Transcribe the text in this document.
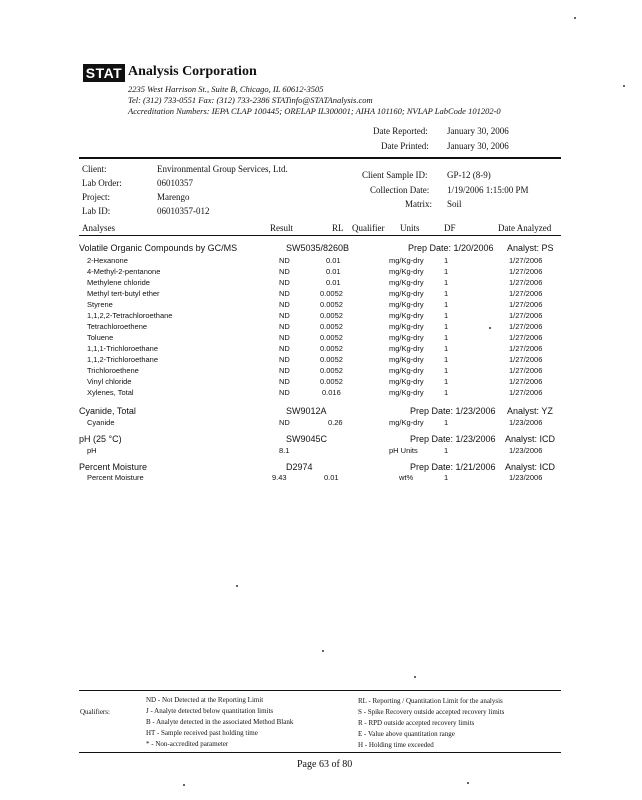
STAT Analysis Corporation
2235 West Harrison St., Suite B, Chicago, IL 60612-3505
Tel: (312) 733-0551 Fax: (312) 733-2386 STATinfo@STATAnalysis.com
Accreditation Numbers: IEPA CLAP 100445; ORELAP IL300001; AIHA 101160; NVLAP LabCode 101202-0
Date Reported: January 30, 2006
Date Printed: January 30, 2006
Client:	Environmental Group Services, Ltd.
Lab Order:	06010357
Project:	Marengo
Lab ID:	06010357-012
Client Sample ID: GP-12 (8-9)
Collection Date: 1/19/2006 1:15:00 PM
Matrix: Soil
Analyses	Result	RL Qualifier Units	DF	Date Analyzed
Volatile Organic Compounds by GC/MS	SW5035/8260B	Prep Date: 1/20/2006 Analyst: PS
2-Hexanone	ND	0.01	mg/Kg-dry	1	1/27/2006
4-Methyl-2-pentanone	ND	0.01	mg/Kg-dry	1	1/27/2006
Methylene chloride	ND	0.01	mg/Kg-dry	1	1/27/2006
Methyl tert-butyl ether	ND	0.0052	mg/Kg-dry	1	1/27/2006
Styrene	ND	0.0052	mg/Kg-dry	1	1/27/2006
1,1,2,2-Tetrachloroethane	ND	0.0052	mg/Kg-dry	1	1/27/2006
Tetrachloroethene	ND	0.0052	mg/Kg-dry	1	1/27/2006
Toluene	ND	0.0052	mg/Kg-dry	1	1/27/2006
1,1,1-Trichloroethane	ND	0.0052	mg/Kg-dry	1	1/27/2006
1,1,2-Trichloroethane	ND	0.0052	mg/Kg-dry	1	1/27/2006
Trichloroethene	ND	0.0052	mg/Kg-dry	1	1/27/2006
Vinyl chloride	ND	0.0052	mg/Kg-dry	1	1/27/2006
Xylenes, Total	ND	0.016	mg/Kg-dry	1	1/27/2006
Cyanide, Total	SW9012A	Prep Date: 1/23/2006 Analyst: YZ
Cyanide	ND	0.26	mg/Kg-dry	1	1/23/2006
pH (25 °C)	SW9045C	Prep Date: 1/23/2006 Analyst: ICD
pH	8.1	pH Units	1	1/23/2006
Percent Moisture	D2974	Prep Date: 1/21/2006 Analyst: ICD
Percent Moisture	9.43	0.01	wt%	1	1/23/2006
Qualifiers:
ND - Not Detected at the Reporting Limit
J - Analyte detected below quantitation limits
B - Analyte detected in the associated Method Blank
HT - Sample received past holding time
* - Non-accredited parameter
RL - Reporting / Quantitation Limit for the analysis
S - Spike Recovery outside accepted recovery limits
R - RPD outside accepted recovery limits
E - Value above quantitation range
H - Holding time exceeded
Page 63 of 80
